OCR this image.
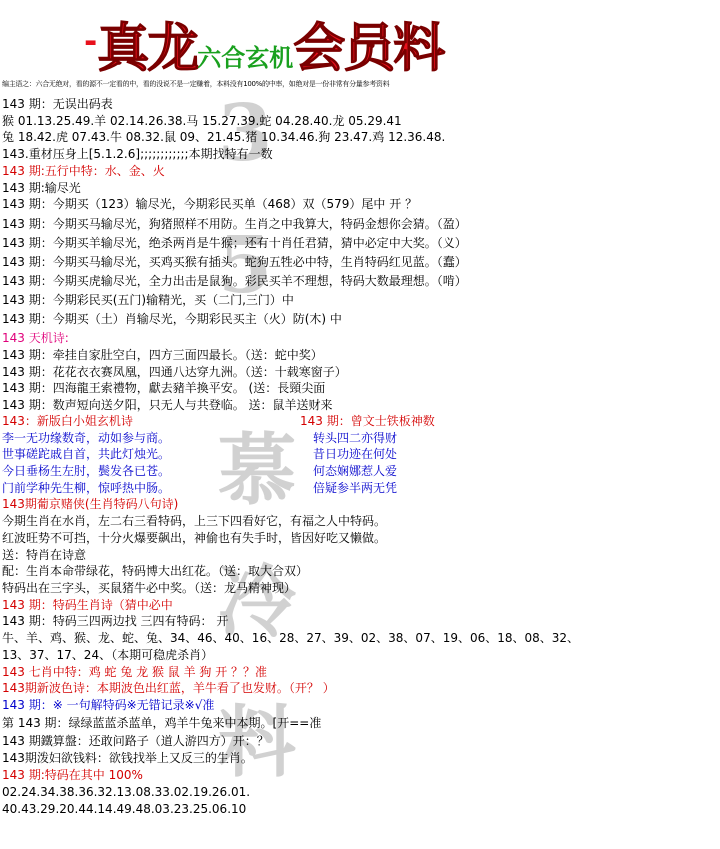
-真龙六合玄机会员料
编主语之：六合无绝对，看的源不一定看的中，看的没说不是一定赚着，本料没有100%的中率，如绝对是一份非常有分量参考资料
3
5
慕
冷
料
143 期：无误出码表
猴 01.13.25.49.羊 02.14.26.38.马 15.27.39.蛇 04.28.40.龙 05.29.41
兔 18.42.虎 07.43.牛 08.32.鼠 09、21.45.猪 10.34.46.狗 23.47.鸡 12.36.48.
143.重材压身上[5.1.2.6];;;;;;;;;;;;本期找特有一数
143 期:五行中特：水、金、火
143 期:输尽光
143 期：今期买（123）输尽光，今期彩民买单（468）双（579）尾中 开 ？
143 期：今期买马输尽光，狗猪照样不用防。生肖之中我算大，特码金想你会猜。（盈）
143 期：今期买羊输尽光，绝杀两肖是牛猴；还有十肖任君猜，猜中必定中大奖。（义）
143 期：今期买马输尽光，买鸡买猴有插头。蛇狗五牲必中特，生肖特码红见蓝。（蠢）
143 期：今期买虎输尽光，全力出击是鼠狗。彩民买羊不理想，特码大数最理想。（啃）
143 期：今期彩民买(五门)输精光，买（二门,三门）中
143 期：今期买（土）肖输尽光，今期彩民买主（火）防(木) 中
143 天机诗:
143 期：牵挂自家肚空白，四方三面四最长。（送：蛇中奖）
143 期：花花衣衣赛凤凰，四通八达穿九洲。（送：十载寒窗子）
143 期：四海龍王索禮物，獻去豬羊換平安。 (送：長頸尖面
143 期：数声短向送夕阳，只无人与共登临。 送：鼠羊送财来
143：新版白小姐玄机诗
李一无功缘数奇，动如参与商。
世事磋跎戚自首，共此灯烛光。
今日垂杨生左肘，鬓发各已苍。
门前学种先生柳，惊呼热中肠。
143期葡京赌侠(生肖特码八句诗)
今期生肖在水肖，左二右三看特码，上三下四看好它，有福之人中特码。
红波旺势不可挡，十分火爆要飙出，神偷也有失手时，皆因好吃又懒做。
送：特肖在诗意
配：生肖本命带绿花，特码博大出红花。（送：取大合双）
特码出在三字头，买鼠猪牛必中奖。（送：龙马精神现）
143 期：特码生肖诗（猜中必中
143 期：特码三四两边找 三四有特码： 开
牛、羊、鸡、猴、龙、蛇、兔、34、46、40、16、28、27、39、02、38、07、19、06、18、08、32、
13、37、17、24、（本期可稳虎杀肖）
143 七肖中特：鸡 蛇 兔 龙 猴 鼠 羊 狗 开 ？？准
143期新波色诗：本期波色出红蓝，羊牛看了也发财。（开？ ）
143 期：※ 一句解特码※无错记录※√准
第 143 期：绿绿蓝蓝杀蓝单，鸡羊牛兔来中本期。[开==准
143 期鐵算盤：还敢问路子（道人游四方）开：？
143期泼妇欲钱料：欲钱找举上又反三的生肖。
143 期:特码在其中 100%
02.24.34.38.36.32.13.08.33.02.19.26.01.
40.43.29.20.44.14.49.48.03.23.25.06.10
143 期：曾文士铁板神数
转头四二亦得财
昔日功迹在何处
何态娴娜惹人爱
倍疑参半两无凭
